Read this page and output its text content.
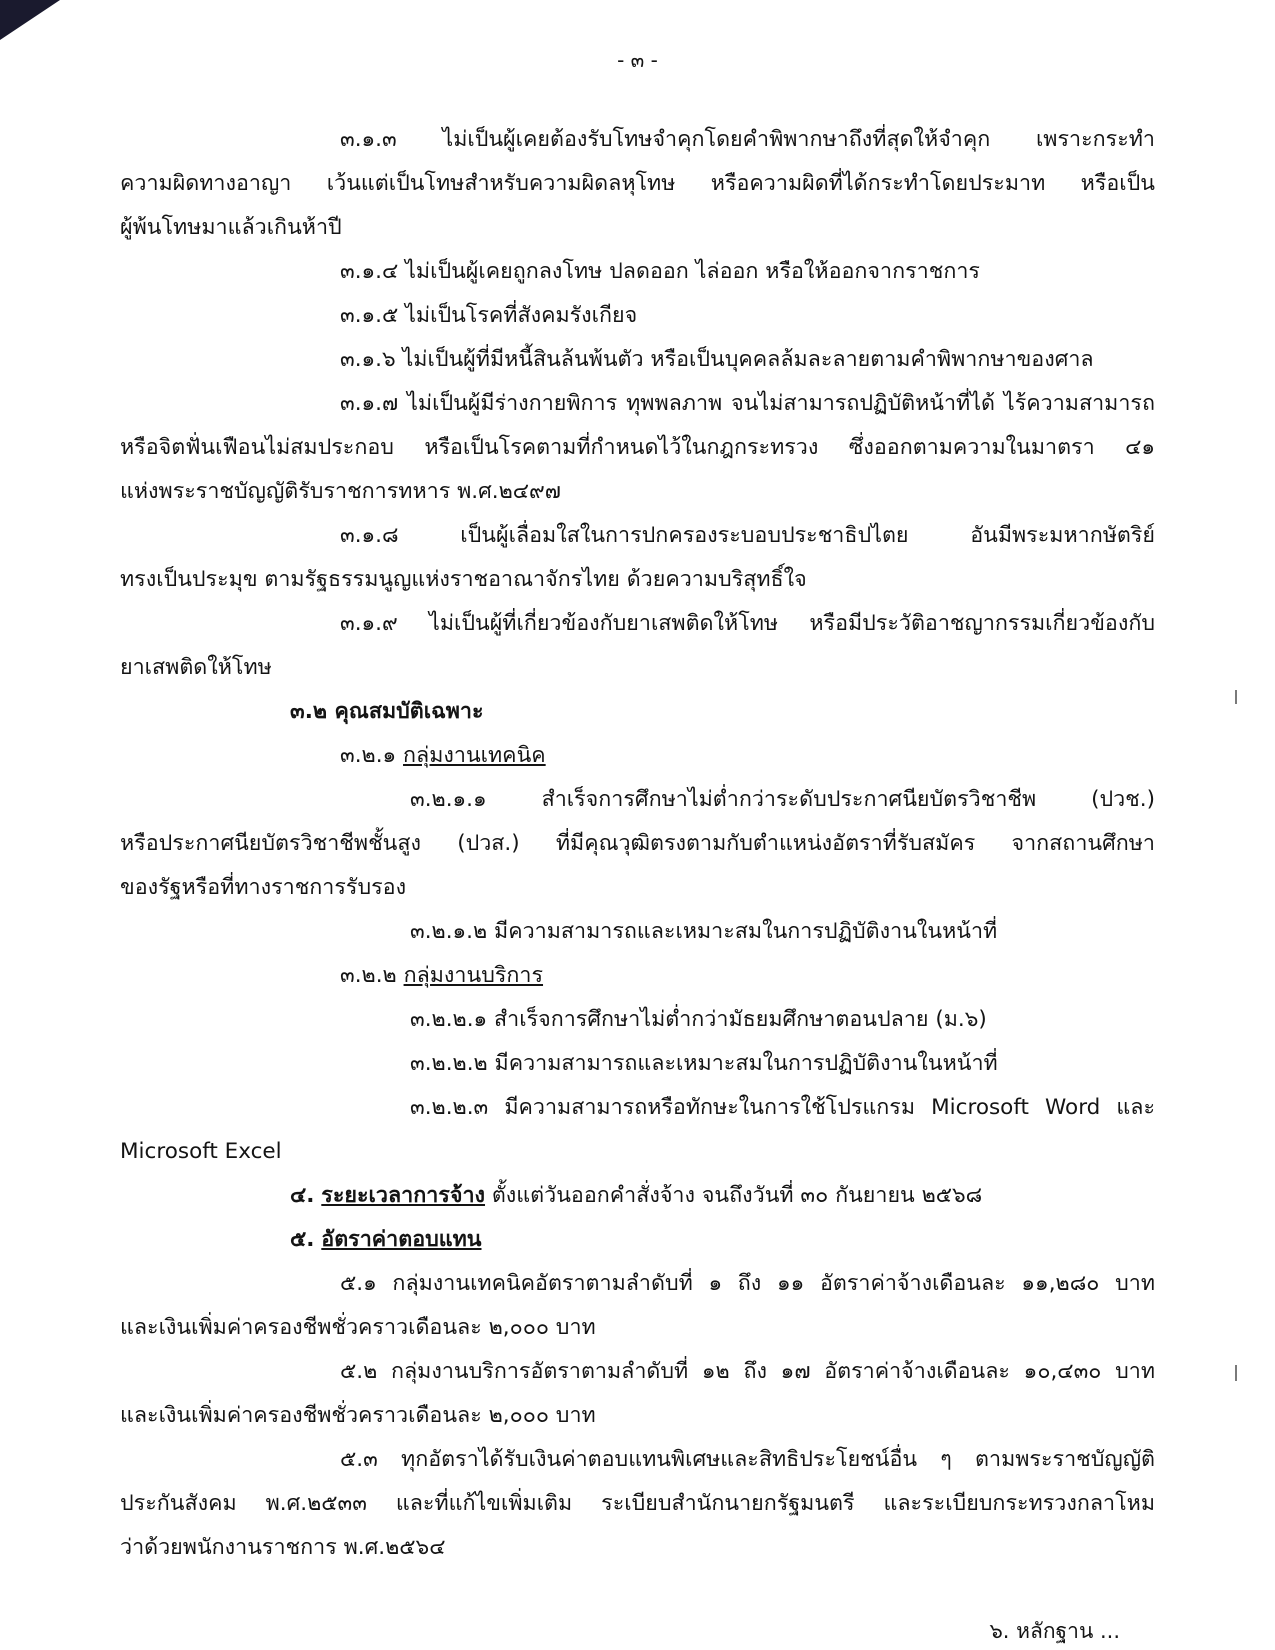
- ๓ -
๓.๑.๓ ไม่เป็นผู้เคยต้องรับโทษจำคุกโดยคำพิพากษาถึงที่สุดให้จำคุก เพราะกระทำ
ความผิดทางอาญา เว้นแต่เป็นโทษสำหรับความผิดลหุโทษ หรือความผิดที่ได้กระทำโดยประมาท หรือเป็น
ผู้พ้นโทษมาแล้วเกินห้าปี
๓.๑.๔ ไม่เป็นผู้เคยถูกลงโทษ ปลดออก ไล่ออก หรือให้ออกจากราชการ
๓.๑.๕ ไม่เป็นโรคที่สังคมรังเกียจ
๓.๑.๖ ไม่เป็นผู้ที่มีหนี้สินล้นพ้นตัว หรือเป็นบุคคลล้มละลายตามคำพิพากษาของศาล
๓.๑.๗ ไม่เป็นผู้มีร่างกายพิการ ทุพพลภาพ จนไม่สามารถปฏิบัติหน้าที่ได้ ไร้ความสามารถ
หรือจิตฟั่นเฟือนไม่สมประกอบ หรือเป็นโรคตามที่กำหนดไว้ในกฎกระทรวง ซึ่งออกตามความในมาตรา ๔๑
แห่งพระราชบัญญัติรับราชการทหาร พ.ศ.๒๔๙๗
๓.๑.๘ เป็นผู้เลื่อมใสในการปกครองระบอบประชาธิปไตย อันมีพระมหากษัตริย์
ทรงเป็นประมุข ตามรัฐธรรมนูญแห่งราชอาณาจักรไทย ด้วยความบริสุทธิ์ใจ
๓.๑.๙ ไม่เป็นผู้ที่เกี่ยวข้องกับยาเสพติดให้โทษ หรือมีประวัติอาชญากรรมเกี่ยวข้องกับ
ยาเสพติดให้โทษ
๓.๒ คุณสมบัติเฉพาะ
๓.๒.๑ กลุ่มงานเทคนิค
๓.๒.๑.๑ สำเร็จการศึกษาไม่ต่ำกว่าระดับประกาศนียบัตรวิชาชีพ (ปวช.)
หรือประกาศนียบัตรวิชาชีพชั้นสูง (ปวส.) ที่มีคุณวุฒิตรงตามกับตำแหน่งอัตราที่รับสมัคร จากสถานศึกษา
ของรัฐหรือที่ทางราชการรับรอง
๓.๒.๑.๒ มีความสามารถและเหมาะสมในการปฏิบัติงานในหน้าที่
๓.๒.๒ กลุ่มงานบริการ
๓.๒.๒.๑ สำเร็จการศึกษาไม่ต่ำกว่ามัธยมศึกษาตอนปลาย (ม.๖)
๓.๒.๒.๒ มีความสามารถและเหมาะสมในการปฏิบัติงานในหน้าที่
๓.๒.๒.๓ มีความสามารถหรือทักษะในการใช้โปรแกรม Microsoft Word และ
Microsoft Excel
๔. ระยะเวลาการจ้าง ตั้งแต่วันออกคำสั่งจ้าง จนถึงวันที่ ๓๐ กันยายน ๒๕๖๘
๕. อัตราค่าตอบแทน
๕.๑ กลุ่มงานเทคนิคอัตราตามลำดับที่ ๑ ถึง ๑๑ อัตราค่าจ้างเดือนละ ๑๑,๒๘๐ บาท
และเงินเพิ่มค่าครองชีพชั่วคราวเดือนละ ๒,๐๐๐ บาท
๕.๒ กลุ่มงานบริการอัตราตามลำดับที่ ๑๒ ถึง ๑๗ อัตราค่าจ้างเดือนละ ๑๐,๔๓๐ บาท
และเงินเพิ่มค่าครองชีพชั่วคราวเดือนละ ๒,๐๐๐ บาท
๕.๓ ทุกอัตราได้รับเงินค่าตอบแทนพิเศษและสิทธิประโยชน์อื่น ๆ ตามพระราชบัญญัติ
ประกันสังคม พ.ศ.๒๕๓๓ และที่แก้ไขเพิ่มเติม ระเบียบสำนักนายกรัฐมนตรี และระเบียบกระทรวงกลาโหม
ว่าด้วยพนักงานราชการ พ.ศ.๒๕๖๔
๖. หลักฐาน ...
